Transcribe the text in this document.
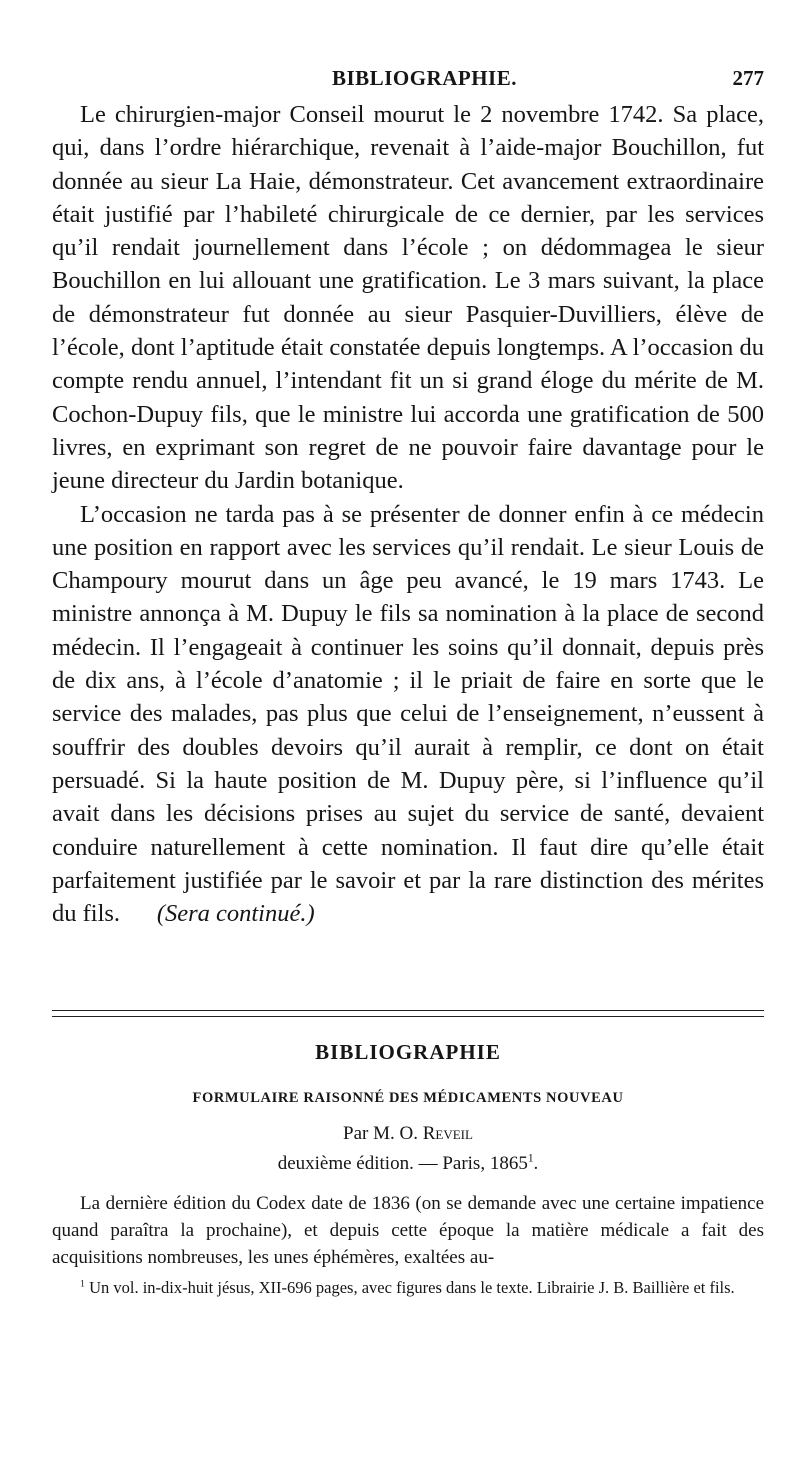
BIBLIOGRAPHIE.	277

Le chirurgien-major Conseil mourut le 2 novembre 1742. Sa place, qui, dans l’ordre hiérarchique, revenait à l’aide-major Bouchillon, fut donnée au sieur La Haie, démonstrateur. Cet avancement extraordinaire était justifié par l’habileté chirurgicale de ce dernier, par les services qu’il rendait journellement dans l’école ; on dédommagea le sieur Bouchillon en lui allouant une gratification. Le 3 mars suivant, la place de démonstrateur fut donnée au sieur Pasquier-Duvilliers, élève de l’école, dont l’aptitude était constatée depuis longtemps. A l’occasion du compte rendu annuel, l’intendant fit un si grand éloge du mérite de M. Cochon-Dupuy fils, que le ministre lui accorda une gratification de 500 livres, en exprimant son regret de ne pouvoir faire davantage pour le jeune directeur du Jardin botanique.

L’occasion ne tarda pas à se présenter de donner enfin à ce médecin une position en rapport avec les services qu’il rendait. Le sieur Louis de Champoury mourut dans un âge peu avancé, le 19 mars 1743. Le ministre annonça à M. Dupuy le fils sa nomination à la place de second médecin. Il l’engageait à continuer les soins qu’il donnait, depuis près de dix ans, à l’école d’anatomie ; il le priait de faire en sorte que le service des malades, pas plus que celui de l’enseignement, n’eussent à souffrir des doubles devoirs qu’il aurait à remplir, ce dont on était persuadé. Si la haute position de M. Dupuy père, si l’influence qu’il avait dans les décisions prises au sujet du service de santé, devaient conduire naturellement à cette nomination. Il faut dire qu’elle était parfaitement justifiée par le savoir et par la rare distinction des mérites du fils. (Sera continué.)

BIBLIOGRAPHIE
FORMULAIRE RAISONNÉ DES MÉDICAMENTS NOUVEAU
Par M. O. Reveil
deuxième édition. — Paris, 1865$^1$.

La dernière édition du Codex date de 1836 (on se demande avec une certaine impatience quand paraîtra la prochaine), et depuis cette époque la matière médicale a fait des acquisitions nombreuses, les unes éphémères, exaltées au-

$^1$ Un vol. in-dix-huit jésus, XII-696 pages, avec figures dans le texte. Librairie J. B. Baillière et fils.
